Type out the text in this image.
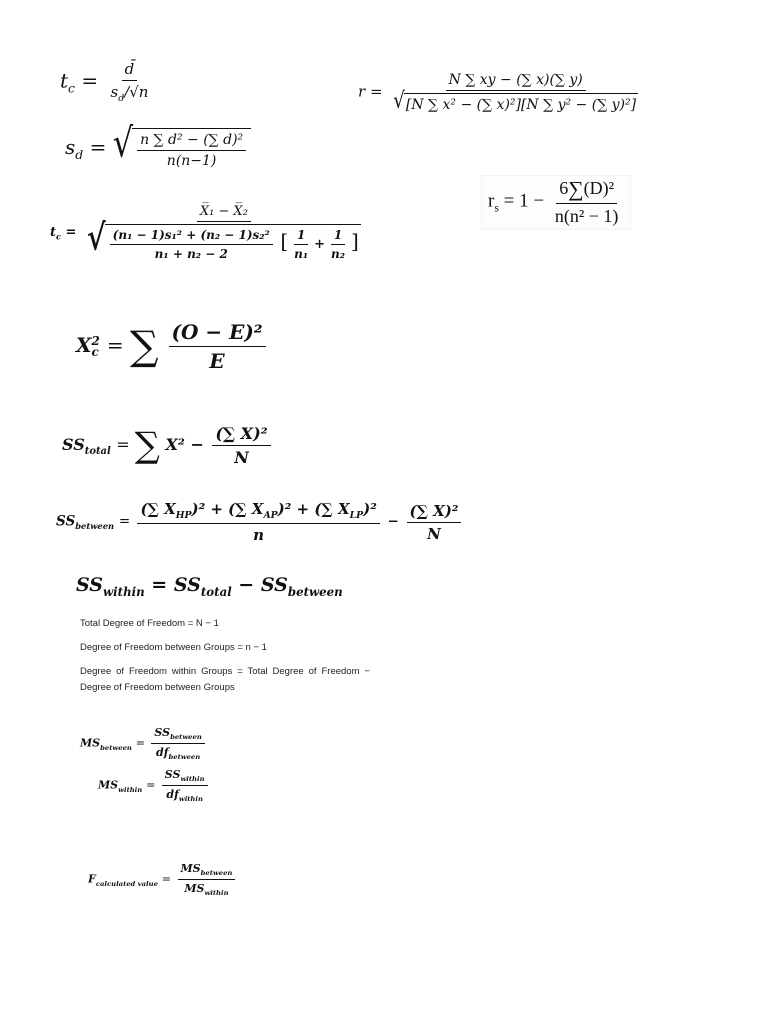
$t_c = \frac{d̄}{s_d/√n}$
$s_d$ = √ $\frac{\text{n ∑ d² − (∑ d)²}}{n(n-1)}$
$r = \frac{N \sum xy - (\sum x)(\sum y)}{\text{√ [N ∑ x² − (∑ x)²][N ∑ y² − (∑ y)²]}}$
$r_s = 1 - \frac{\text{6∑(D)²}}{\text{n(n² − 1)}}$
$t_c$ =
X̅₁ − X̅₂
√ $\frac{\text{(n₁ − 1)s₁² + (n₂ − 1)s₂²}}{\text{n₁ + n₂ − 2}}$ [ $\frac{1}{\text{n₁}} + \frac{1}{\text{n₂}}$ ]
X 2
c = ∑ $\frac{\text{(O − E)²}}{E}$
$SS_{total}$ = ∑ $X^2 - \frac{\text{(∑ X)²}}{N}$
$SS_{between} = \frac{(\sum X_{HP})^2 + (\sum X_{AP})^2 + (\sum X_{LP})^2}{n} - \frac{\text{(∑ X)²}}{N}$
$SS_{within} = SS_{total} - SS_{between}$
Total Degree of Freedom = N − 1
Degree of Freedom between Groups = n − 1
Degree of Freedom within Groups = Total Degree of Freedom − Degree of Freedom between Groups
$MS_{between} = \frac{SS_{between}}{df_{between}}$
$MS_{within} = \frac{SS_{within}}{df_{within}}$
$F_{calculated value} = \frac{MS_{between}}{MS_{within}}$
